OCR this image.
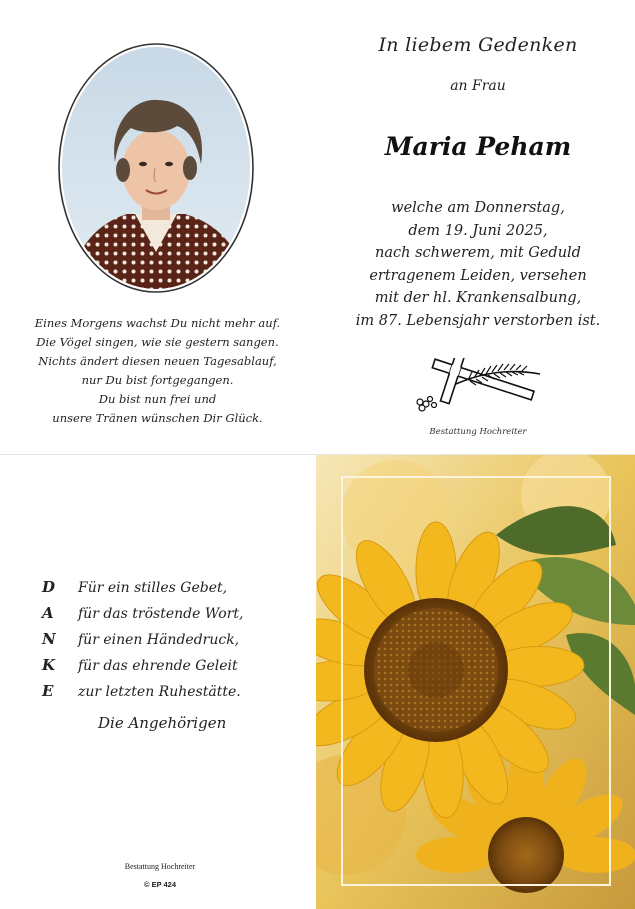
Eines Morgens wachst Du nicht mehr auf.
Die Vögel singen, wie sie gestern sangen.
Nichts ändert diesen neuen Tagesablauf,
nur Du bist fortgegangen.
Du bist nun frei und
unsere Tränen wünschen Dir Glück.
In liebem Gedenken
an Frau
Maria Peham
welche am Donnerstag,
dem 19. Juni 2025,
nach schwerem, mit Geduld
ertragenem Leiden, versehen
mit der hl. Krankensalbung,
im 87. Lebensjahr verstorben ist.
Bestattung Hochreiter
D Für ein stilles Gebet,
A für das tröstende Wort,
N für einen Händedruck,
K für das ehrende Geleit
E zur letzten Ruhestätte.
Die Angehörigen
Bestattung Hochreiter
© EP 424
